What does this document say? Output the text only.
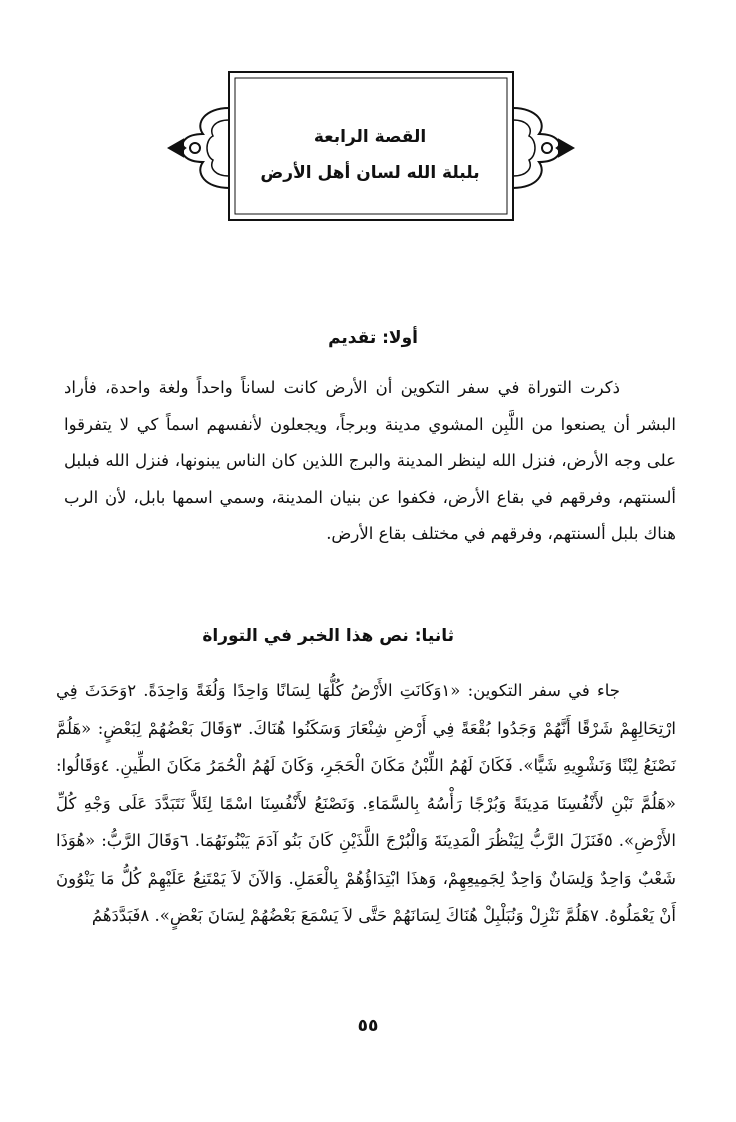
القصة الرابعة
بلبلة الله لسان أهل الأرض
أولا: تقديم
ذكرت التوراة في سفر التكوين أن الأرض كانت لساناً واحداً ولغة واحدة، فأراد البشر أن يصنعوا من اللَّبِن المشوي مدينة وبرجاً، ويجعلون لأنفسهم اسماً كي لا يتفرقوا على وجه الأرض، فنزل الله لينظر المدينة والبرج اللذين كان الناس يبنونها، فنزل الله فبلبل ألسنتهم، وفرقهم في بقاع الأرض، فكفوا عن بنيان المدينة، وسمي اسمها بابل، لأن الرب هناك بلبل ألسنتهم، وفرقهم في مختلف بقاع الأرض.
ثانيا: نص هذا الخبر في التوراة
جاء في سفر التكوين: «١وَكَانَتِ الأَرْضُ كُلُّهَا لِسَانًا وَاحِدًا وَلُغَةً وَاحِدَةً. ٢وَحَدَثَ فِي ارْتِحَالِهِمْ شَرْقًا أَنَّهُمْ وَجَدُوا بُقْعَةً فِي أَرْضِ شِنْعَارَ وَسَكَنُوا هُنَاكَ. ٣وَقَالَ بَعْضُهُمْ لِبَعْضٍ: «هَلُمَّ نَصْنَعُ لِبْنًا وَنَشْوِيهِ شَيًّا». فَكَانَ لَهُمُ اللِّبْنُ مَكَانَ الْحَجَرِ، وَكَانَ لَهُمُ الْحُمَرُ مَكَانَ الطِّينِ. ٤وَقَالُوا: «هَلُمَّ نَبْنِ لأَنْفُسِنَا مَدِينَةً وَبُرْجًا رَأْسُهُ بِالسَّمَاءِ. وَنَصْنَعُ لأَنْفُسِنَا اسْمًا لِئَلاَّ نَتَبَدَّدَ عَلَى وَجْهِ كُلِّ الأَرْضِ». ٥فَنَزَلَ الرَّبُّ لِيَنْظُرَ الْمَدِينَةَ وَالْبُرْجَ اللَّذَيْنِ كَانَ بَنُو آدَمَ يَبْنُونَهُمَا. ٦وَقَالَ الرَّبُّ: «هُوَذَا شَعْبٌ وَاحِدٌ وَلِسَانٌ وَاحِدٌ لِجَمِيعِهِمْ، وَهذَا ابْتِدَاؤُهُمْ بِالْعَمَلِ. وَالآنَ لاَ يَمْتَنِعُ عَلَيْهِمْ كُلُّ مَا يَنْوُونَ أَنْ يَعْمَلُوهُ. ٧هَلُمَّ نَنْزِلْ وَنُبَلْبِلْ هُنَاكَ لِسَانَهُمْ حَتَّى لاَ يَسْمَعَ بَعْضُهُمْ لِسَانَ بَعْضٍ». ٨فَبَدَّدَهُمُ
٥٥
